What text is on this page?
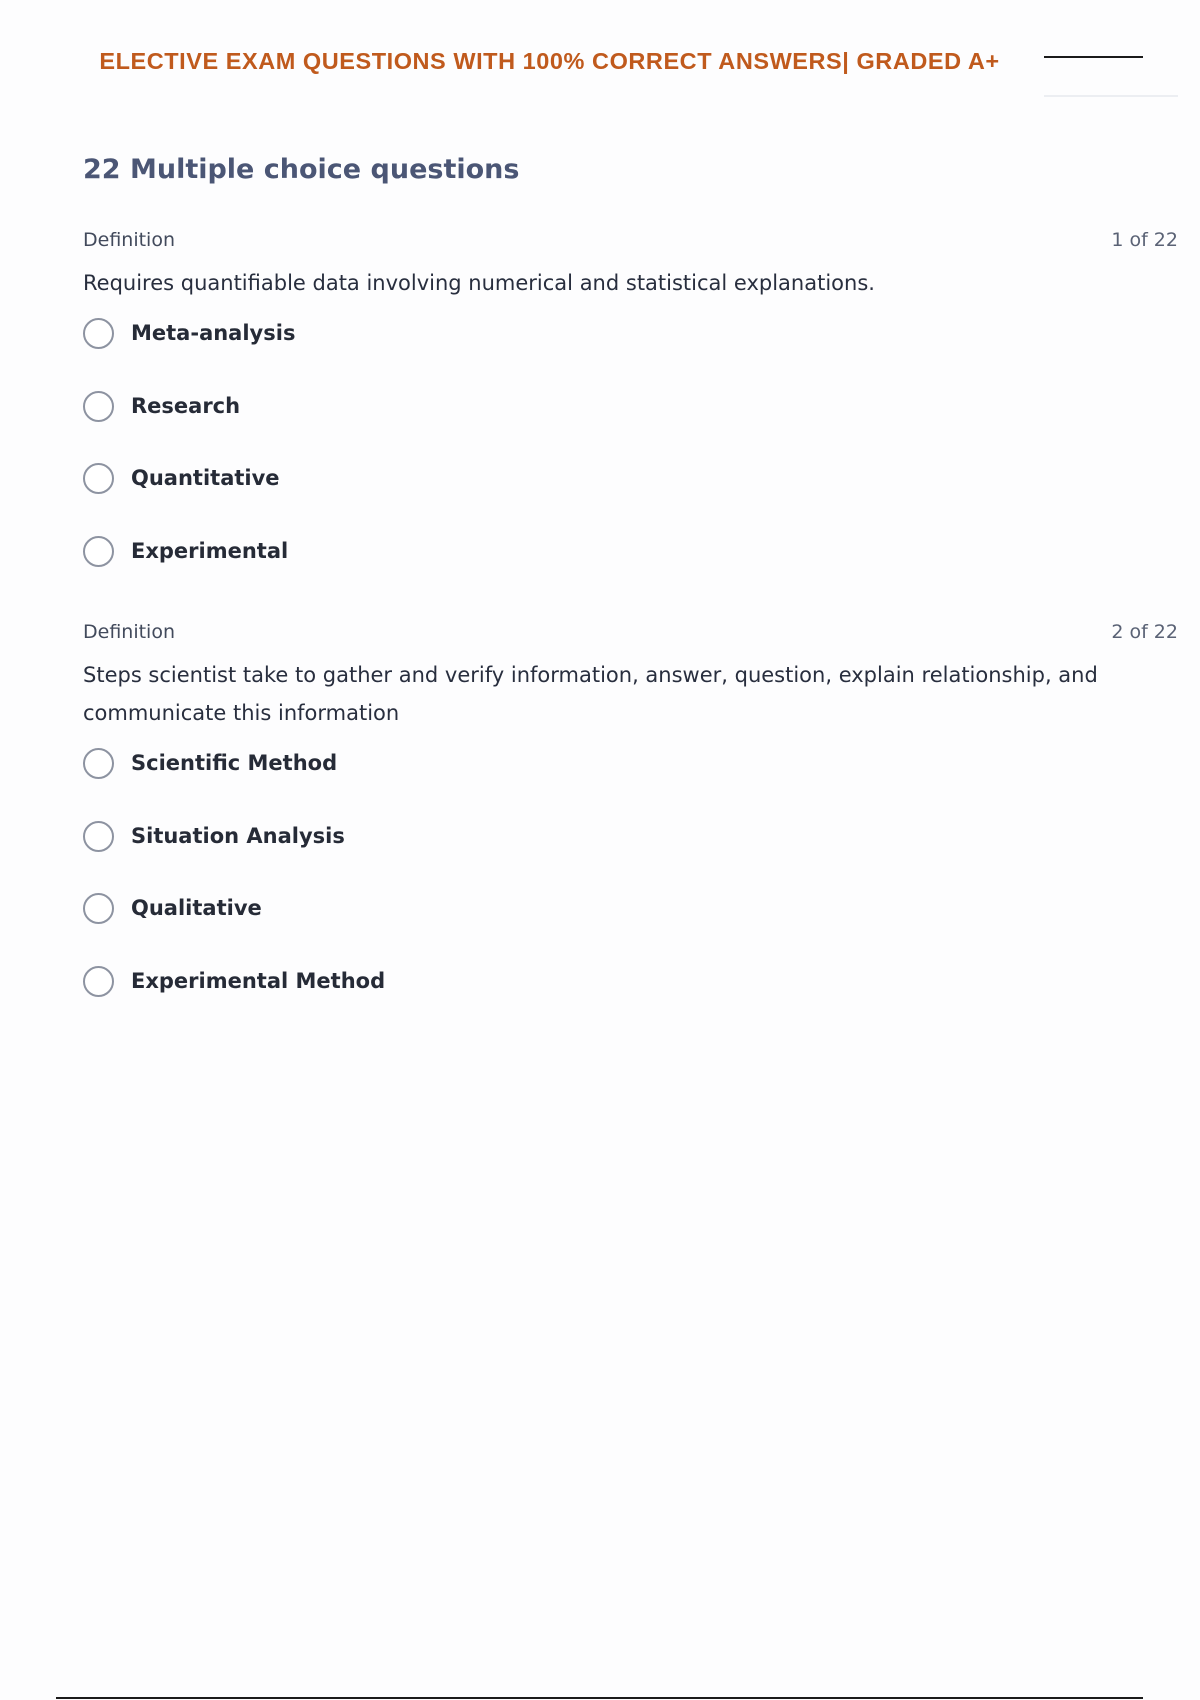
ELECTIVE EXAM QUESTIONS WITH 100% CORRECT ANSWERS| GRADED A+
22 Multiple choice questions
Definition	1 of 22

Requires quantifiable data involving numerical and statistical explanations.

Meta-analysis
Research
Quantitative
Experimental
Definition	2 of 22

Steps scientist take to gather and verify information, answer, question, explain relationship, and communicate this information

Scientific Method
Situation Analysis
Qualitative
Experimental Method
